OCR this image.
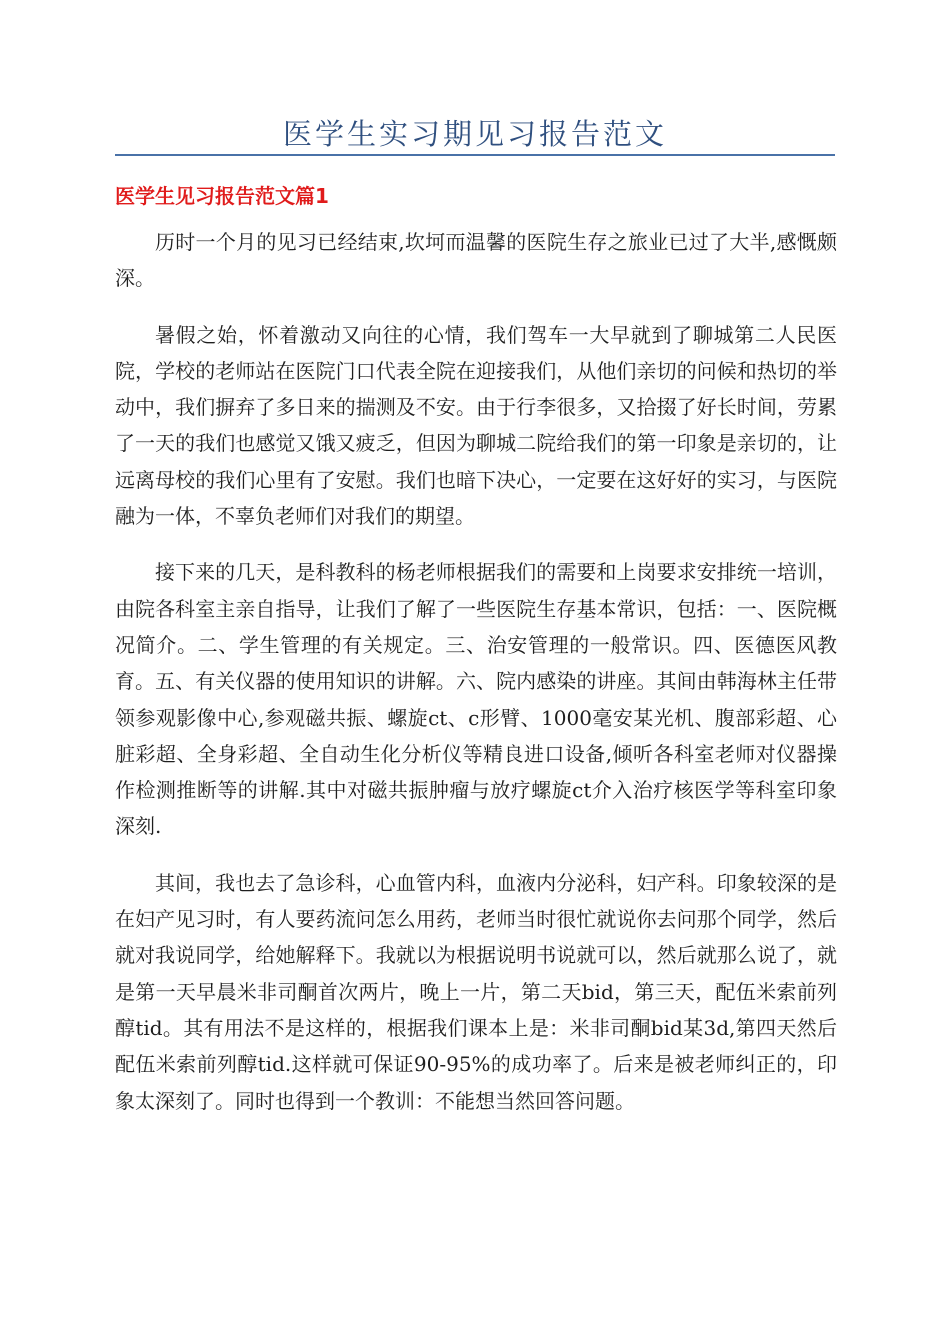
医学生实习期见习报告范文
医学生见习报告范文篇1

历时一个月的见习已经结束,坎坷而温馨的医院生存之旅业已过了大半,感慨颇深。

暑假之始，怀着激动又向往的心情，我们驾车一大早就到了聊城第二人民医院，学校的老师站在医院门口代表全院在迎接我们，从他们亲切的问候和热切的举动中，我们摒弃了多日来的揣测及不安。由于行李很多，又拾掇了好长时间，劳累了一天的我们也感觉又饿又疲乏，但因为聊城二院给我们的第一印象是亲切的，让远离母校的我们心里有了安慰。我们也暗下决心，一定要在这好好的实习，与医院融为一体，不辜负老师们对我们的期望。

接下来的几天，是科教科的杨老师根据我们的需要和上岗要求安排统一培训，由院各科室主亲自指导，让我们了解了一些医院生存基本常识，包括：一、医院概况简介。二、学生管理的有关规定。三、治安管理的一般常识。四、医德医风教育。五、有关仪器的使用知识的讲解。六、院内感染的讲座。其间由韩海林主任带领参观影像中心,参观磁共振、螺旋ct、c形臂、1000毫安某光机、腹部彩超、心脏彩超、全身彩超、全自动生化分析仪等精良进口设备,倾听各科室老师对仪器操作检测推断等的讲解.其中对磁共振肿瘤与放疗螺旋ct介入治疗核医学等科室印象深刻.

其间，我也去了急诊科，心血管内科，血液内分泌科，妇产科。印象较深的是在妇产见习时，有人要药流问怎么用药，老师当时很忙就说你去问那个同学，然后就对我说同学，给她解释下。我就以为根据说明书说就可以，然后就那么说了，就是第一天早晨米非司酮首次两片，晚上一片，第二天bid，第三天，配伍米索前列醇tid。其有用法不是这样的，根据我们课本上是：米非司酮bid某3d,第四天然后配伍米索前列醇tid.这样就可保证90-95%的成功率了。后来是被老师纠正的，印象太深刻了。同时也得到一个教训：不能想当然回答问题。
